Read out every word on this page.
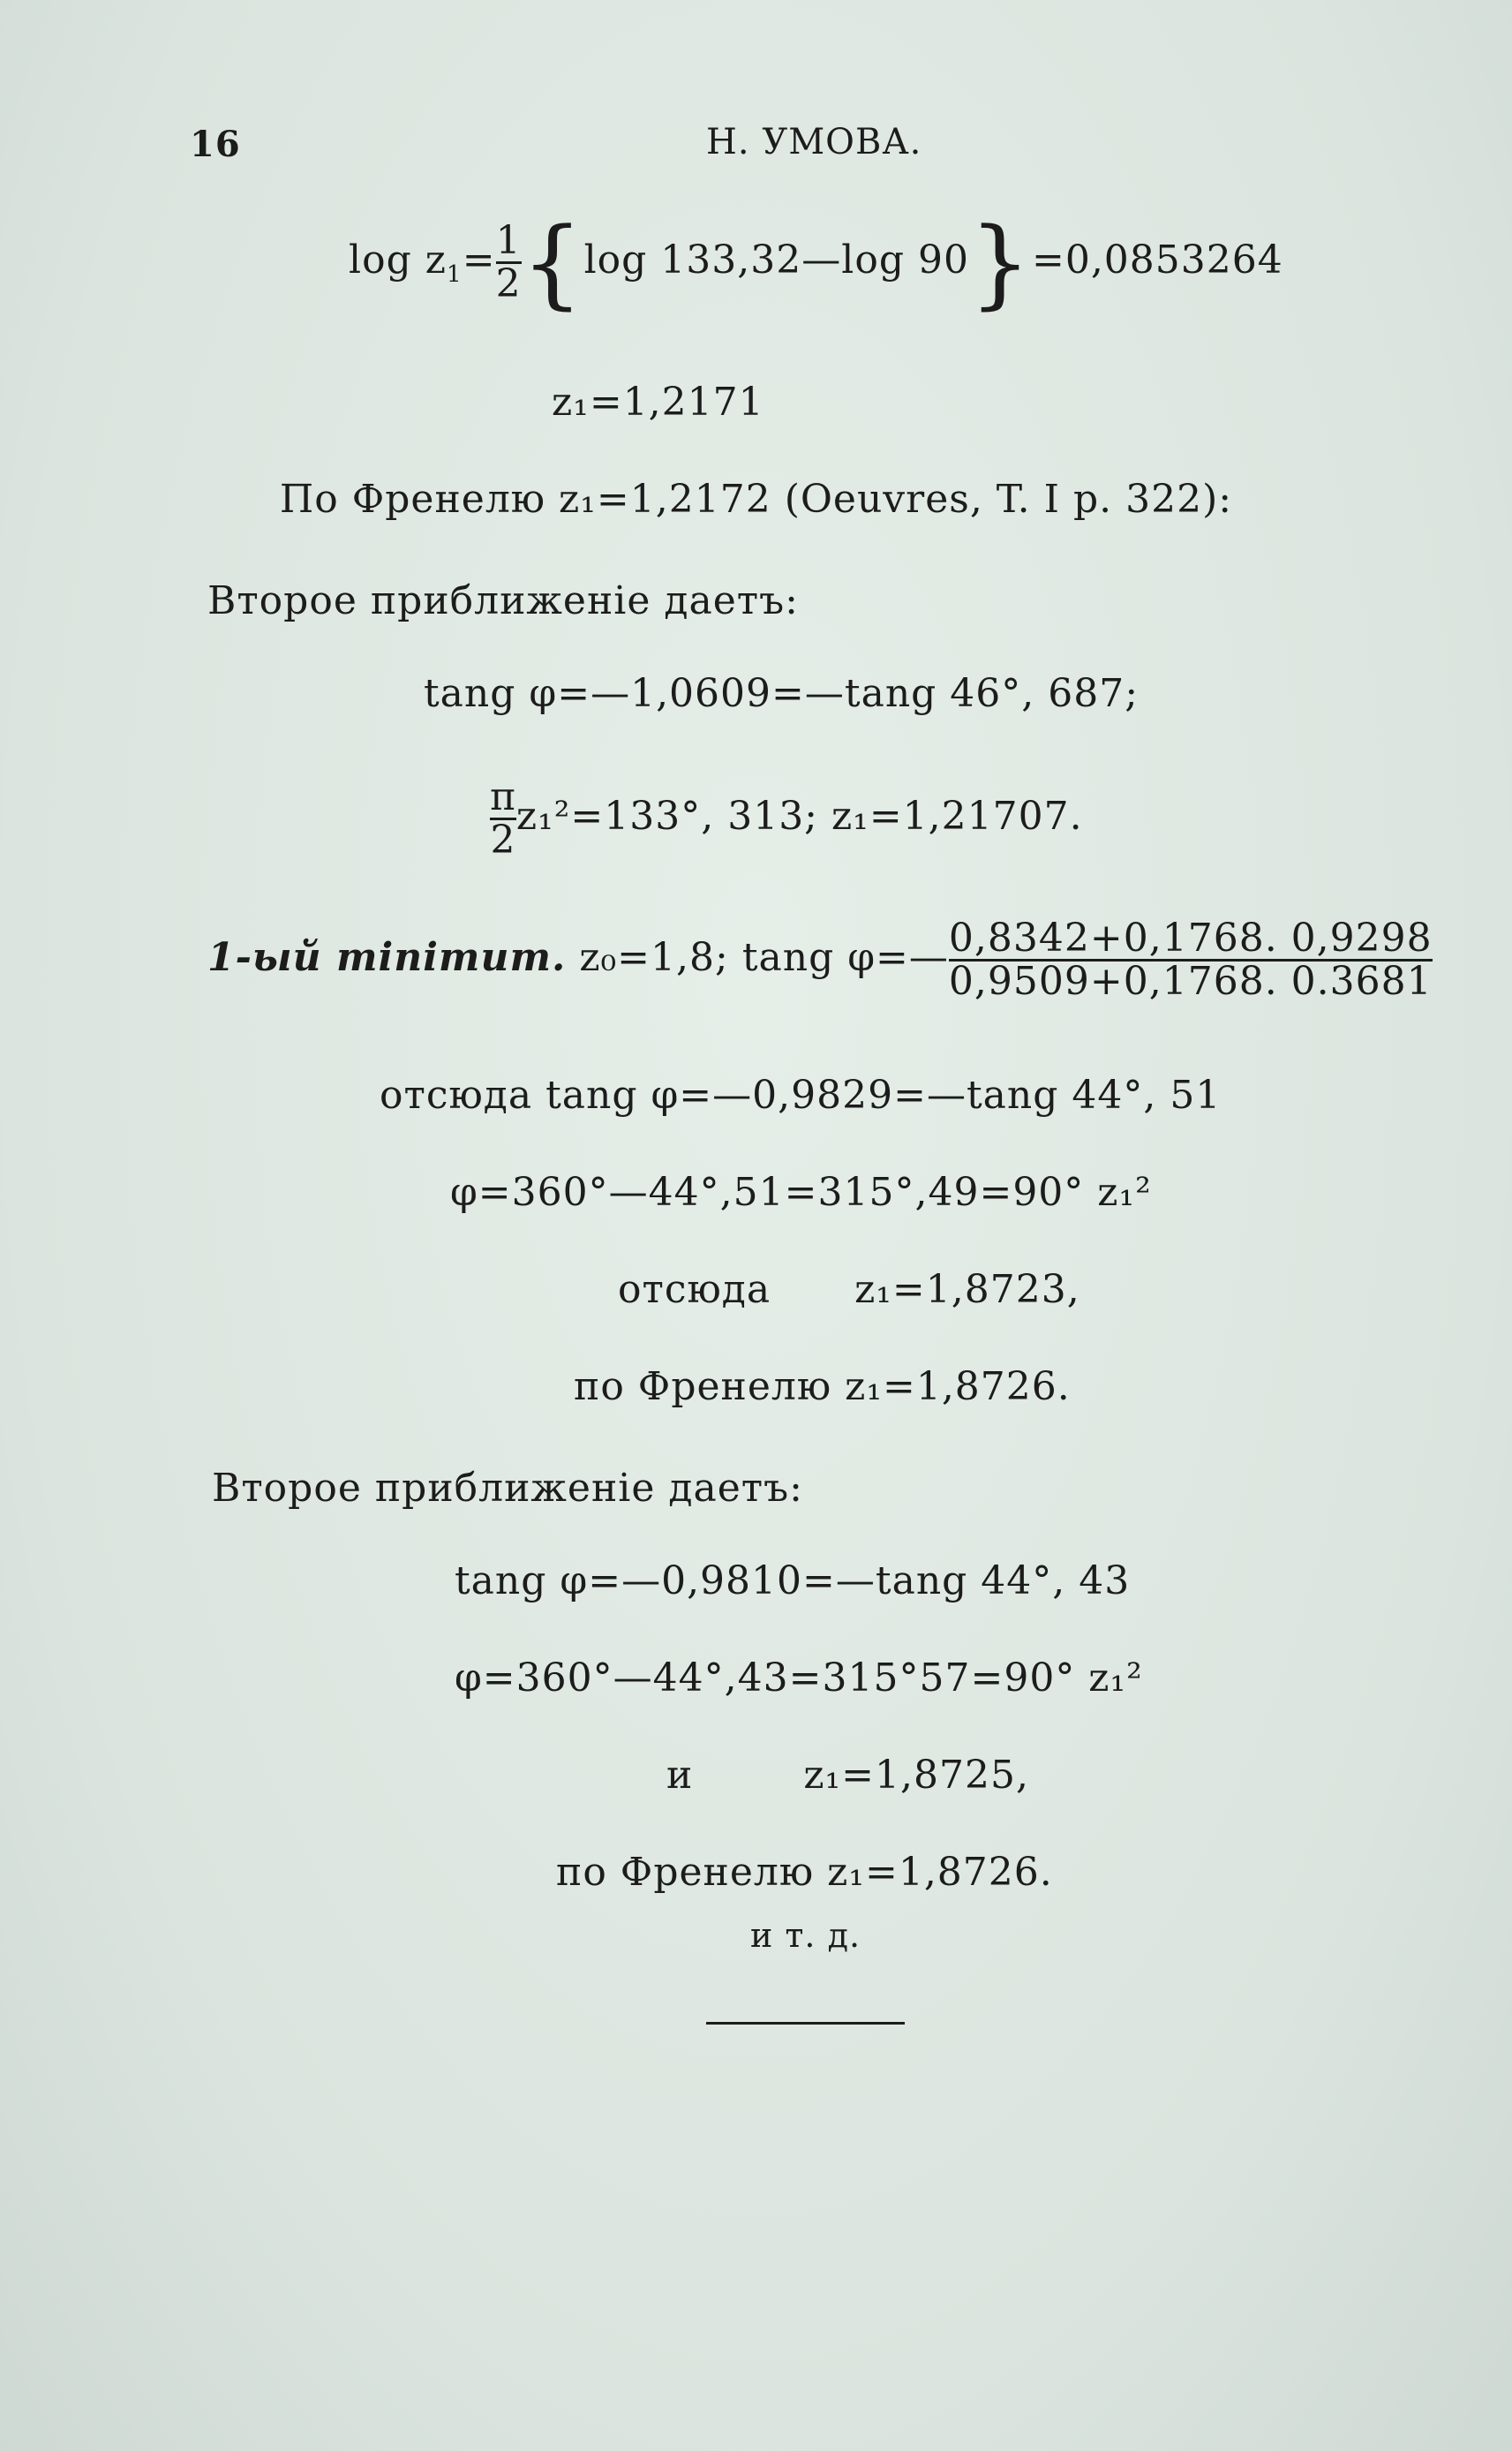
16	Н. УМОВА.
$\log z_1= \frac{1}{2} \{\log$ 133,32—log 90}=0,0853264
z₁=1,2171
По Френелю z₁=1,2172 (Oeuvres, T. I p. 322):
Второе приближеніе даетъ:
tang φ=—1,0609=—tang 46°, 687;
$\frac{\pi}{2} z_1^2=133^\circ$, 313; z₁=1,21707.
1-ый minimum. z₀=1,8; tang φ=— $\frac{0,8342+0,1768. 0,9298}{0,9509+0,1768. 0.3681}$
отсюда tang φ=—0,9829=—tang 44°, 51
φ=360°—44°,51=315°,49=90° z₁²
отсюда z₁=1,8723,
по Френелю z₁=1,8726.
Второе приближеніе даетъ:
tang φ=—0,9810=—tang 44°, 43
φ=360°—44°,43=315°57=90° z₁²
и	z₁=1,8725,
по Френелю z₁=1,8726.
и т. д.
